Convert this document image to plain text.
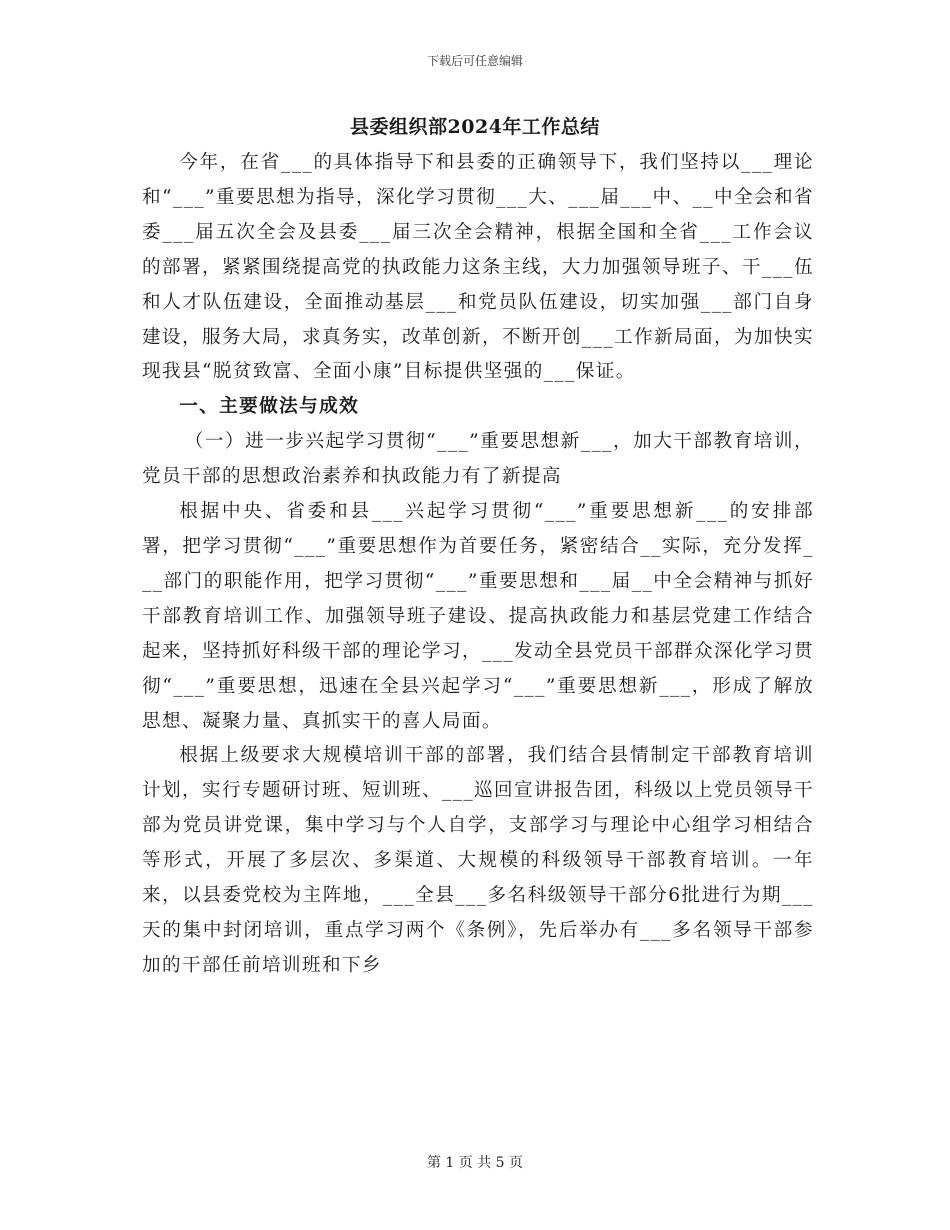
下载后可任意编辑
县委组织部2024年工作总结

今年，在省___的具体指导下和县委的正确领导下，我们坚持以___理论和“___”重要思想为指导，深化学习贯彻___大、___届___中、__中全会和省委___届五次全会及县委___届三次全会精神，根据全国和全省___工作会议的部署，紧紧围绕提高党的执政能力这条主线，大力加强领导班子、干___伍和人才队伍建设，全面推动基层___和党员队伍建设，切实加强___部门自身建设，服务大局，求真务实，改革创新，不断开创___工作新局面，为加快实现我县“脱贫致富、全面小康”目标提供坚强的___保证。

一、主要做法与成效

（一）进一步兴起学习贯彻“___”重要思想新___，加大干部教育培训，党员干部的思想政治素养和执政能力有了新提高

根据中央、省委和县___兴起学习贯彻“___”重要思想新___的安排部署，把学习贯彻“___”重要思想作为首要任务，紧密结合__实际，充分发挥___部门的职能作用，把学习贯彻“___”重要思想和___届__中全会精神与抓好干部教育培训工作、加强领导班子建设、提高执政能力和基层党建工作结合起来，坚持抓好科级干部的理论学习，___发动全县党员干部群众深化学习贯彻“___”重要思想，迅速在全县兴起学习“___”重要思想新___，形成了解放思想、凝聚力量、真抓实干的喜人局面。

根据上级要求大规模培训干部的部署，我们结合县情制定干部教育培训计划，实行专题研讨班、短训班、___巡回宣讲报告团，科级以上党员领导干部为党员讲党课，集中学习与个人自学，支部学习与理论中心组学习相结合等形式，开展了多层次、多渠道、大规模的科级领导干部教育培训。一年来，以县委党校为主阵地，___全县___多名科级领导干部分6批进行为期___天的集中封闭培训，重点学习两个《条例》，先后举办有___多名领导干部参加的干部任前培训班和下乡

第 1 页 共 5 页
